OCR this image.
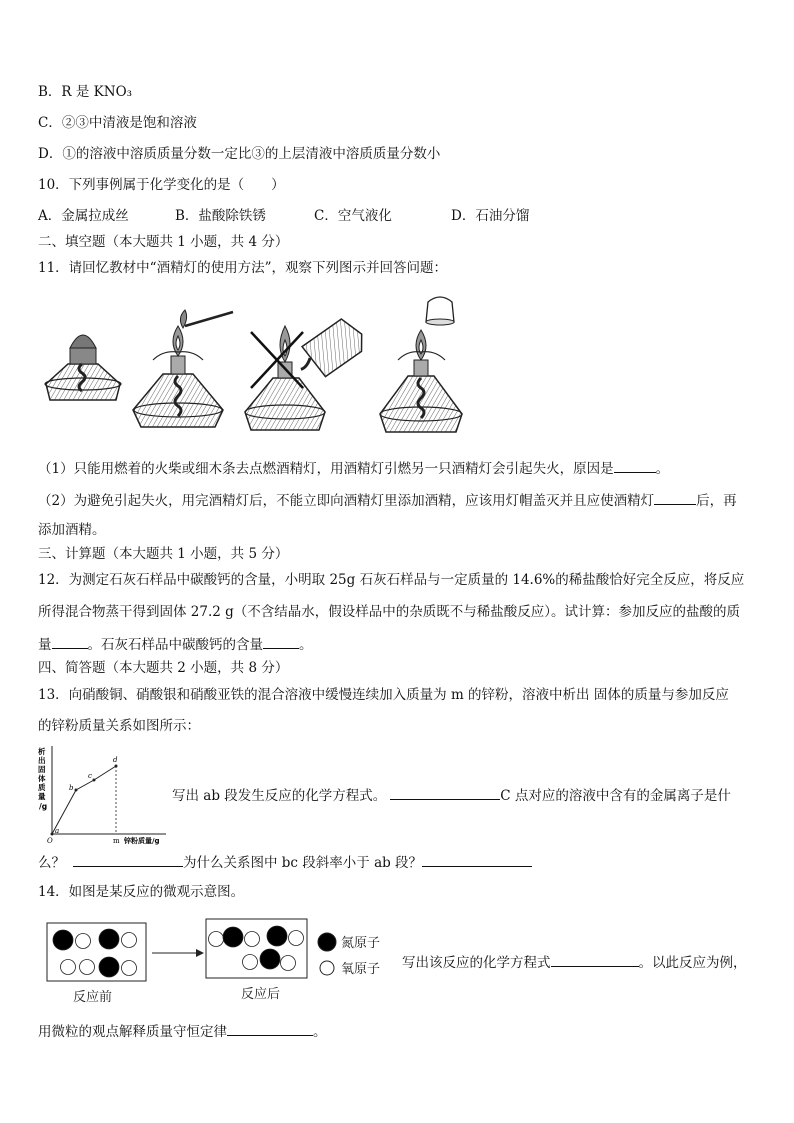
B．R 是 KNO₃
C．②③中清液是饱和溶液
D．①的溶液中溶质质量分数一定比③的上层清液中溶质质量分数小
10．下列事例属于化学变化的是（　　）
A．金属拉成丝	B．盐酸除铁锈	C．空气液化	D．石油分馏
二、填空题（本大题共 1 小题，共 4 分）
11．请回忆教材中“酒精灯的使用方法”，观察下列图示并回答问题：
（1）只能用燃着的火柴或细木条去点燃酒精灯，用酒精灯引燃另一只酒精灯会引起失火，原因是	。
（2）为避免引起失火，用完酒精灯后，不能立即向酒精灯里添加酒精，应该用灯帽盖灭并且应使酒精灯	后，再
添加酒精。
三、计算题（本大题共 1 小题，共 5 分）
12．为测定石灰石样品中碳酸钙的含量，小明取 25g 石灰石样品与一定质量的 14.6%的稀盐酸恰好完全反应，将反应
所得混合物蒸干得到固体 27.2 g（不含结晶水，假设样品中的杂质既不与稀盐酸反应）。试计算：参加反应的盐酸的质
量	。石灰石样品中碳酸钙的含量	。
四、简答题（本大题共 2 小题，共 8 分）
13．向硝酸铜、硝酸银和硝酸亚铁的混合溶液中缓慢连续加入质量为 m 的锌粉，溶液中析出 固体的质量与参加反应
的锌粉质量关系如图所示：
a
b
c
d
析
出
固
体
质
量
/g
O	m 锌粉质量/g
写出 ab 段发生反应的化学方程式。	C 点对应的溶液中含有的金属离子是什
么？	为什么关系图中 bc 段斜率小于 ab 段？
14．如图是某反应的微观示意图。
氮原子
氧原子
反应前	反应后
写出该反应的化学方程式	。以此反应为例，
用微粒的观点解释质量守恒定律	。
